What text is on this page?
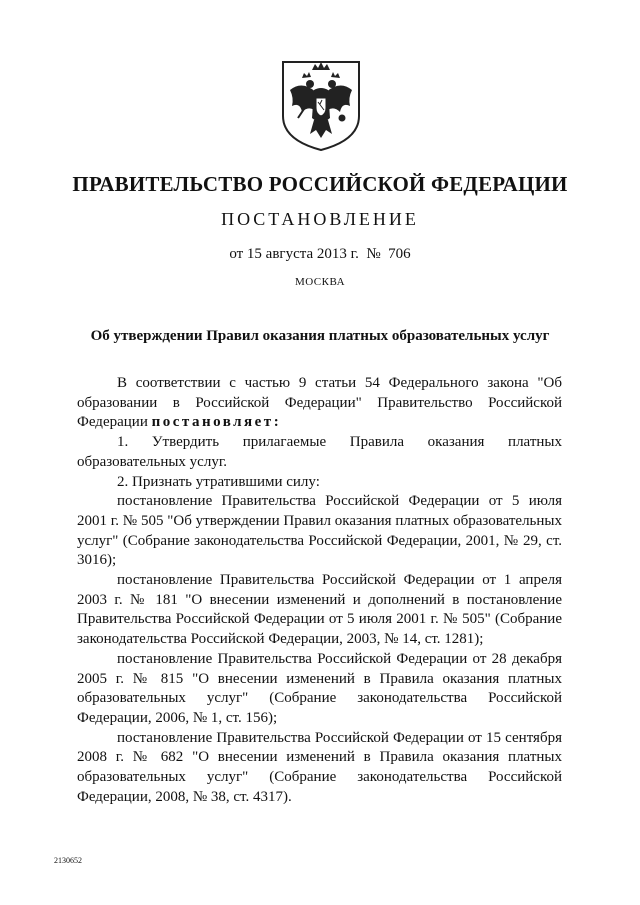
ПРАВИТЕЛЬСТВО РОССИЙСКОЙ ФЕДЕРАЦИИ
ПОСТАНОВЛЕНИЕ
от 15 августа 2013 г.  №  706
МОСКВА
Об утверждении Правил оказания платных образовательных услуг

В соответствии с частью 9 статьи 54 Федерального закона "Об образовании в Российской Федерации" Правительство Российской Федерации постановляет:

1. Утвердить прилагаемые Правила оказания платных образовательных услуг.

2. Признать утратившими силу:

постановление Правительства Российской Федерации от 5 июля 2001 г. № 505 "Об утверждении Правил оказания платных образовательных услуг" (Собрание законодательства Российской Федерации, 2001, № 29, ст. 3016);

постановление Правительства Российской Федерации от 1 апреля 2003 г. № 181 "О внесении изменений и дополнений в постановление Правительства Российской Федерации от 5 июля 2001 г. № 505" (Собрание законодательства Российской Федерации, 2003, № 14, ст. 1281);

постановление Правительства Российской Федерации от 28 декабря 2005 г. № 815 "О внесении изменений в Правила оказания платных образовательных услуг" (Собрание законодательства Российской Федерации, 2006, № 1, ст. 156);

постановление Правительства Российской Федерации от 15 сентября 2008 г. № 682 "О внесении изменений в Правила оказания платных образовательных услуг" (Собрание законодательства Российской Федерации, 2008, № 38, ст. 4317).

2130652
